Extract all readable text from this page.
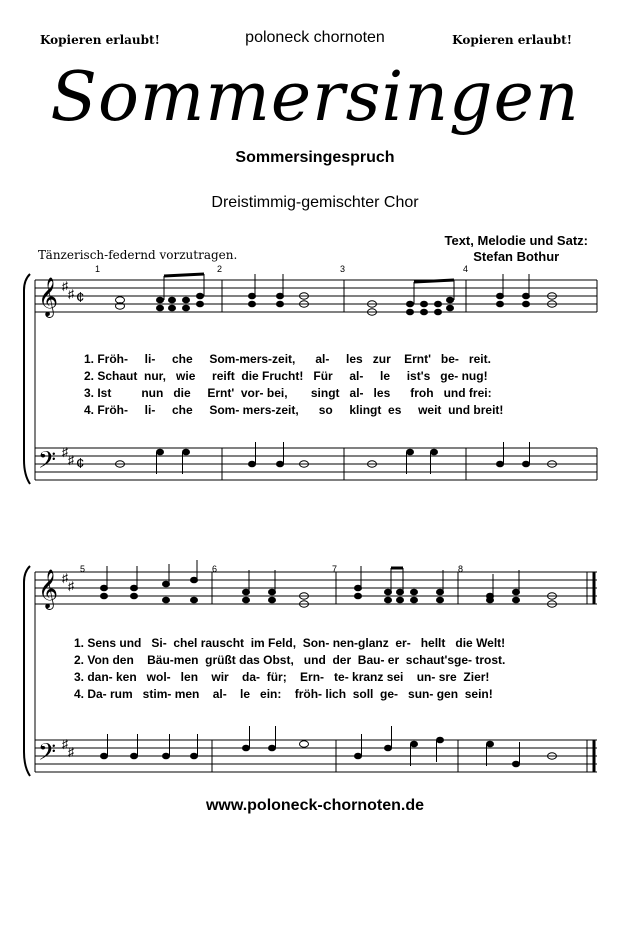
Kopieren erlaubt!	poloneck chornoten	Kopieren erlaubt!
Sommersingen
Sommersingespruch
Dreistimmig-gemischter Chor
Text, Melodie und Satz:
Stefan Bothur
Tänzerisch-federnd vorzutragen.
𝄞
𝄢
♯
♯
♯
♯
¢
¢
1	2	3	4
1. Fröh-     li-     che     Som-mers-zeit,      al-     les   zur    Ernt'   be-   reit.
2. Schaut  nur,   wie     reift  die Frucht!   Für     al-     le     ist's   ge- nug!
3. Ist         nun   die     Ernt'  vor- bei,       singt   al-   les      froh   und frei:
4. Fröh-     li-     che     Som- mers-zeit,      so     klingt  es     weit  und breit!
𝄞
𝄢
♯
♯
♯
♯
5	6	7	8
1. Sens und   Si-  chel rauscht  im Feld,  Son- nen-glanz  er-   hellt   die Welt!
2. Von den    Bäu-men  grüßt das Obst,   und  der  Bau- er  schaut'sge- trost.
3. dan- ken   wol-   len    wir    da-  für;    Ern-   te- kranz sei    un- sre  Zier!
4. Da- rum   stim- men    al-    le   ein:    fröh- lich  soll  ge-   sun- gen  sein!
www.poloneck-chornoten.de
